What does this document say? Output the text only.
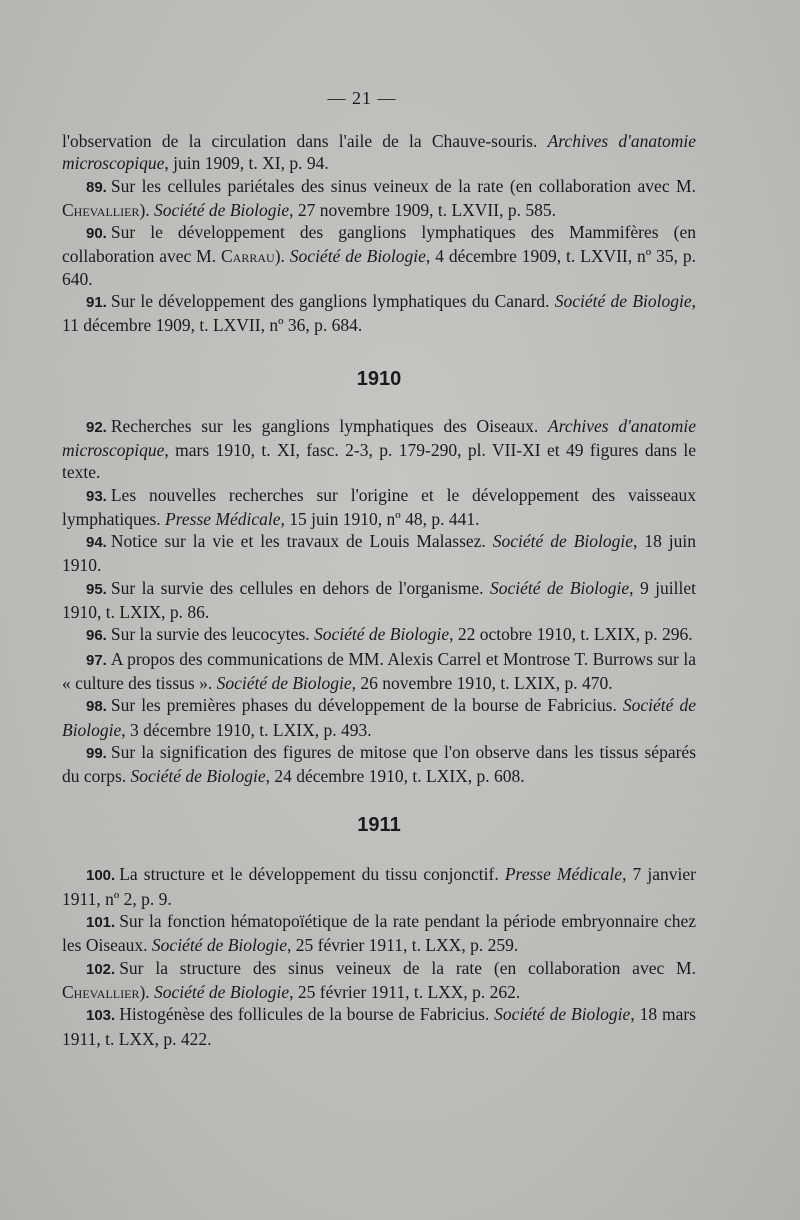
— 21 —

l'observation de la circulation dans l'aile de la Chauve-souris. Archives d'anatomie microscopique, juin 1909, t. XI, p. 94.

89. Sur les cellules pariétales des sinus veineux de la rate (en collaboration avec M. Chevallier). Société de Biologie, 27 novembre 1909, t. LXVII, p. 585.

90. Sur le développement des ganglions lymphatiques des Mammifères (en collaboration avec M. Carrau). Société de Biologie, 4 décembre 1909, t. LXVII, nº 35, p. 640.

91. Sur le développement des ganglions lymphatiques du Canard. Société de Biologie, 11 décembre 1909, t. LXVII, nº 36, p. 684.

1910

92. Recherches sur les ganglions lymphatiques des Oiseaux. Archives d'anatomie microscopique, mars 1910, t. XI, fasc. 2-3, p. 179-290, pl. VII-XI et 49 figures dans le texte.

93. Les nouvelles recherches sur l'origine et le développement des vaisseaux lymphatiques. Presse Médicale, 15 juin 1910, nº 48, p. 441.

94. Notice sur la vie et les travaux de Louis Malassez. Société de Biologie, 18 juin 1910.

95. Sur la survie des cellules en dehors de l'organisme. Société de Biologie, 9 juillet 1910, t. LXIX, p. 86.

96. Sur la survie des leucocytes. Société de Biologie, 22 octobre 1910, t. LXIX, p. 296.

97. A propos des communications de MM. Alexis Carrel et Montrose T. Burrows sur la « culture des tissus ». Société de Biologie, 26 novembre 1910, t. LXIX, p. 470.

98. Sur les premières phases du développement de la bourse de Fabricius. Société de Biologie, 3 décembre 1910, t. LXIX, p. 493.

99. Sur la signification des figures de mitose que l'on observe dans les tissus séparés du corps. Société de Biologie, 24 décembre 1910, t. LXIX, p. 608.

1911

100. La structure et le développement du tissu conjonctif. Presse Médicale, 7 janvier 1911, nº 2, p. 9.

101. Sur la fonction hématopoïétique de la rate pendant la période embryonnaire chez les Oiseaux. Société de Biologie, 25 février 1911, t. LXX, p. 259.

102. Sur la structure des sinus veineux de la rate (en collaboration avec M. Chevallier). Société de Biologie, 25 février 1911, t. LXX, p. 262.

103. Histogénèse des follicules de la bourse de Fabricius. Société de Biologie, 18 mars 1911, t. LXX, p. 422.
